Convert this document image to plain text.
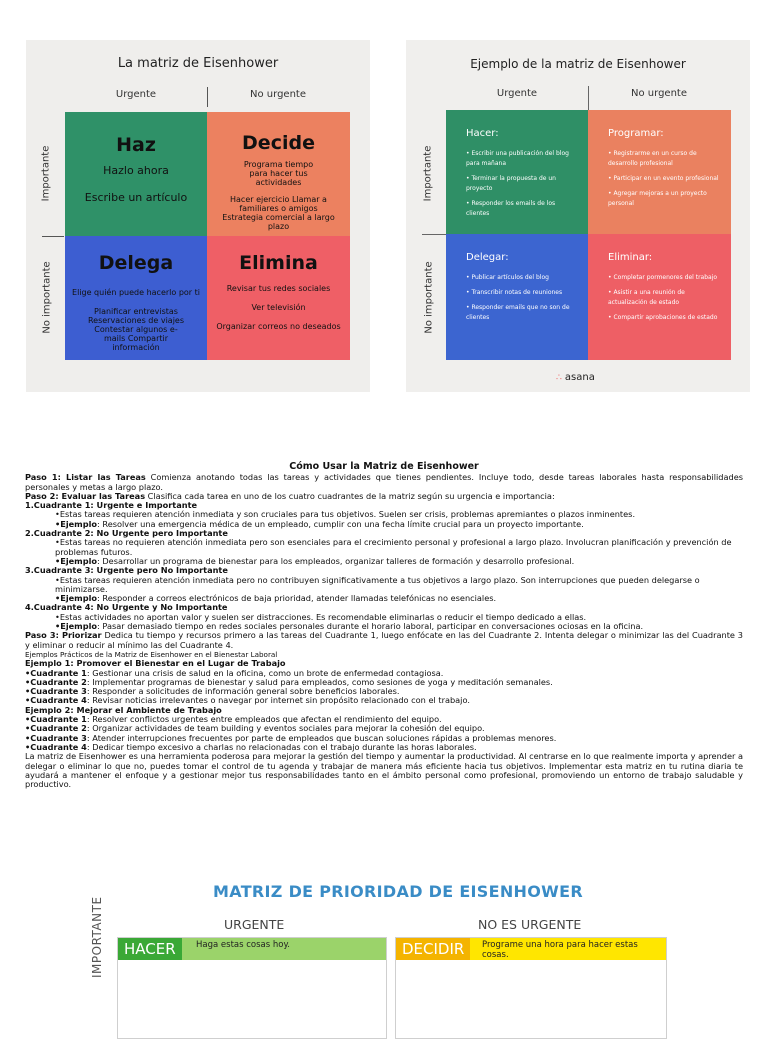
La matriz de Eisenhower
Urgente	No urgente
Importante
No importante
Haz
Hazlo ahora
Escribe un artículo
Decide
Programa tiempo para hacer tus actividades
Hacer ejercicio Llamar a familiares o amigos Estrategia comercial a largo plazo
Delega
Elige quién puede hacerlo por ti
Planificar entrevistas Reservaciones de viajes Contestar algunos e-mails Compartir información
Elimina
Revisar tus redes sociales
Ver televisión
Organizar correos no deseados
Ejemplo de la matriz de Eisenhower
Urgente	No urgente
Importante
No importante
Hacer:
• Escribir una publicación del blog para mañana
• Terminar la propuesta de un proyecto
• Responder los emails de los clientes
Programar:
• Registrarme en un curso de desarrollo profesional
• Participar en un evento profesional
• Agregar mejoras a un proyecto personal
Delegar:
• Publicar artículos del blog
• Transcribir notas de reuniones
• Responder emails que no son de clientes
Eliminar:
• Completar pormenores del trabajo
• Asistir a una reunión de actualización de estado
• Compartir aprobaciones de estado
∴ asana
Cómo Usar la Matriz de Eisenhower

Paso 1: Listar las Tareas Comienza anotando todas las tareas y actividades que tienes pendientes. Incluye todo, desde tareas laborales hasta responsabilidades personales y metas a largo plazo.

Paso 2: Evaluar las Tareas Clasifica cada tarea en uno de los cuatro cuadrantes de la matriz según su urgencia e importancia:

1.Cuadrante 1: Urgente e Importante

•Estas tareas requieren atención inmediata y son cruciales para tus objetivos. Suelen ser crisis, problemas apremiantes o plazos inminentes.

•Ejemplo: Resolver una emergencia médica de un empleado, cumplir con una fecha límite crucial para un proyecto importante.

2.Cuadrante 2: No Urgente pero Importante

•Estas tareas no requieren atención inmediata pero son esenciales para el crecimiento personal y profesional a largo plazo. Involucran planificación y prevención de problemas futuros.

•Ejemplo: Desarrollar un programa de bienestar para los empleados, organizar talleres de formación y desarrollo profesional.

3.Cuadrante 3: Urgente pero No Importante

•Estas tareas requieren atención inmediata pero no contribuyen significativamente a tus objetivos a largo plazo. Son interrupciones que pueden delegarse o minimizarse.

•Ejemplo: Responder a correos electrónicos de baja prioridad, atender llamadas telefónicas no esenciales.

4.Cuadrante 4: No Urgente y No Importante

•Estas actividades no aportan valor y suelen ser distracciones. Es recomendable eliminarlas o reducir el tiempo dedicado a ellas.

•Ejemplo: Pasar demasiado tiempo en redes sociales personales durante el horario laboral, participar en conversaciones ociosas en la oficina.

Paso 3: Priorizar Dedica tu tiempo y recursos primero a las tareas del Cuadrante 1, luego enfócate en las del Cuadrante 2. Intenta delegar o minimizar las del Cuadrante 3 y eliminar o reducir al mínimo las del Cuadrante 4.

Ejemplos Prácticos de la Matriz de Eisenhower en el Bienestar Laboral

Ejemplo 1: Promover el Bienestar en el Lugar de Trabajo

•Cuadrante 1: Gestionar una crisis de salud en la oficina, como un brote de enfermedad contagiosa.

•Cuadrante 2: Implementar programas de bienestar y salud para empleados, como sesiones de yoga y meditación semanales.

•Cuadrante 3: Responder a solicitudes de información general sobre beneficios laborales.

•Cuadrante 4: Revisar noticias irrelevantes o navegar por internet sin propósito relacionado con el trabajo.

Ejemplo 2: Mejorar el Ambiente de Trabajo

•Cuadrante 1: Resolver conflictos urgentes entre empleados que afectan el rendimiento del equipo.

•Cuadrante 2: Organizar actividades de team building y eventos sociales para mejorar la cohesión del equipo.

•Cuadrante 3: Atender interrupciones frecuentes por parte de empleados que buscan soluciones rápidas a problemas menores.

•Cuadrante 4: Dedicar tiempo excesivo a charlas no relacionadas con el trabajo durante las horas laborales.

La matriz de Eisenhower es una herramienta poderosa para mejorar la gestión del tiempo y aumentar la productividad. Al centrarse en lo que realmente importa y aprender a delegar o eliminar lo que no, puedes tomar el control de tu agenda y trabajar de manera más eficiente hacia tus objetivos. Implementar esta matriz en tu rutina diaria te ayudará a mantener el enfoque y a gestionar mejor tus responsabilidades tanto en el ámbito personal como profesional, promoviendo un entorno de trabajo saludable y productivo.

MATRIZ DE PRIORIDAD DE EISENHOWER
URGENTE	NO ES URGENTE
IMPORTANTE	HACER	Haga estas cosas hoy.	DECIDIR	Programe una hora para hacer estas cosas.
